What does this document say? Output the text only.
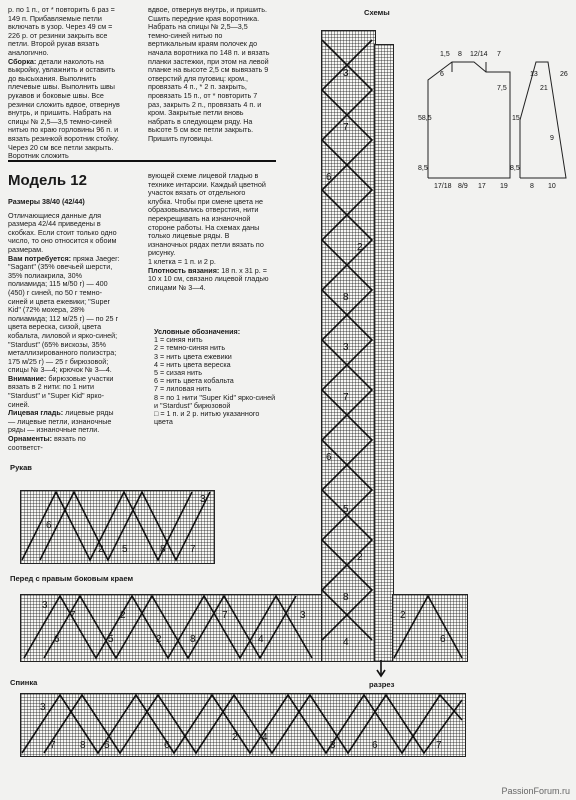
р. по 1 п., от * повторить 6 раз = 149 п. Прибавляемые петли включать в узор. Через 49 см = 226 р. от резинки закрыть все петли. Второй рукав вязать аналогично.
Сборка: детали наколоть на выкройку, увлажнить и оставить до высыхания. Выполнить плечевые швы. Выполнить швы рукавов и боковые швы. Все резинки сложить вдвое, отвернув внутрь, и пришить. Набрать на спицы № 2,5—3,5 темно-синей нитью по краю горловины 96 п. и вязать резинкой воротник стойку. Через 20 см все петли закрыть. Воротник сложить
вдвое, отвернув внутрь, и пришить. Сшить передние края воротника. Набрать на спицы № 2,5—3,5 темно-синей нитью по вертикальным краям полочек до начала воротника по 148 п. и вязать планки застежки, при этом на левой планке на высоте 2,5 см вывязать 9 отверстий для пуговиц: кром., провязать 4 п., * 2 п. закрыть, провязать 15 п., от * повторить 7 раз, закрыть 2 п., провязать 4 п. и кром. Закрытые петли вновь набрать в следующем ряду. На высоте 5 см все петли закрыть. Пришить пуговицы.
Модель 12
Размеры 38/40 (42/44)
Отличающиеся данные для размера 42/44 приведены в скобках. Если стоит только одно число, то оно относится к обоим размерам.
Вам потребуется: пряжа Jaeger: "Sagant" (35% овечьей шерсти, 35% полиакрила, 30% полиамида; 115 м/50 г) — 400 (450) г синей, по 50 г темно-синей и цвета ежевики; "Super Kid" (72% мохера, 28% полиамида; 112 м/25 г) — по 25 г цвета вереска, сизой, цвета кобальта, лиловой и ярко-синей; "Stardust" (65% вискозы, 35% металлизированного полиэстра; 175 м/25 г) — 25 г бирюзовой; спицы № 3—4; крючок № 3—4.
Внимание: бирюзовые участки вязать в 2 нити: по 1 нити "Stardust" и "Super Kid" ярко-синей.
Лицевая гладь: лицевые ряды — лицевые петли, изнаночные ряды — изнаночные петли.
Орнаменты: вязать по соответст-
вующей схеме лицевой гладью в технике интарсии. Каждый цветной участок вязать от отдельного клубка. Чтобы при смене цвета не образовывались отверстия, нити перекрещивать на изнаночной стороне работы. На схемах даны только лицевые ряды. В изнаночных рядах петли вязать по рисунку.
1 клетка = 1 п. и 2 р.
Плотность вязания: 18 п. х 31 р. = 10 х 10 см, связано лицевой гладью спицами № 3—4.
Условные обозначения:
1 = синяя нить
2 = темно-синяя нить
3 = нить цвета ежевики
4 = нить цвета вереска
5 = сизая нить
6 = нить цвета кобальта
7 = лиловая нить
8 = по 1 нити "Super Kid" ярко-синей и "Stardust" бирюзовой
□ = 1 п. и 2 р. нитью указанного цвета
Схемы
Рукав
Перед с правым боковым краем
Спинка	разрез
1,5 8 12/14 7
6
7,5
13
21
58,5
8,5
17/18 8/9 17 19	8
8,5
10
15
9
26
3
7
6
2
8
3
7
6
5
2
8
4
3
6
2 5	8 7
3
7	2	7
6	5	2	8	4
3	2
6
3
7 8 5	6
2 4
3	6	7
PassionForum.ru
